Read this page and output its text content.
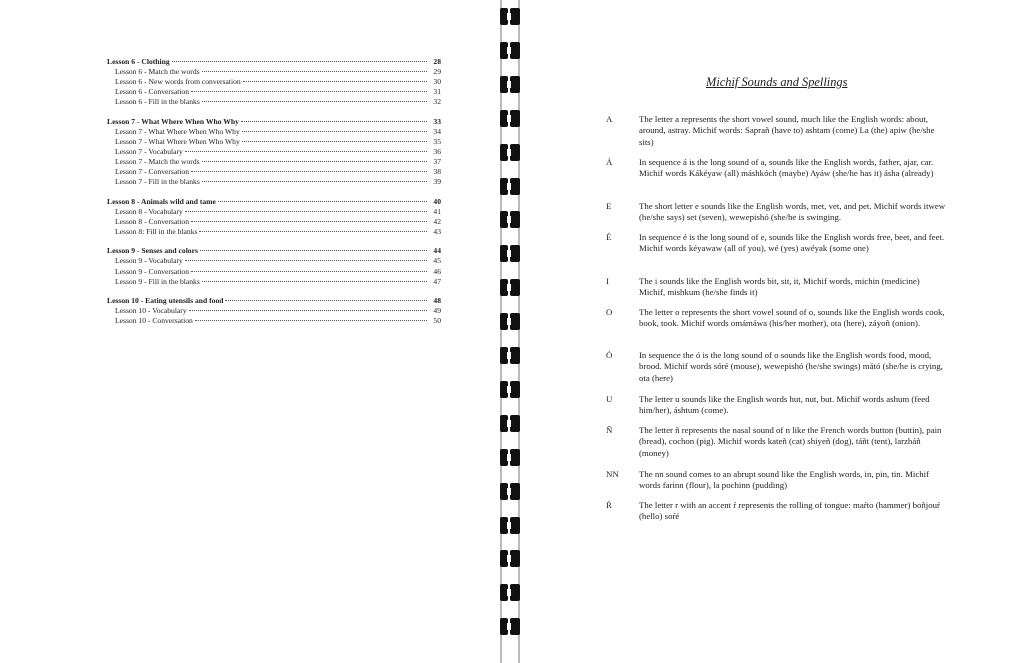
Lesson 6 - Clothing	28
Lesson 6 - Match the words	29
Lesson 6 - New words from conversation	30
Lesson 6 - Conversation	31
Lesson 6 - Fill in the blanks	32
Lesson 7 - What Where When Who Why	33
Lesson 7 - What Where When Who Why	34
Lesson 7 - What Where When Who Why	35
Lesson 7 - Vocabulary	36
Lesson 7 - Match the words	37
Lesson 7 - Conversation	38
Lesson 7 - Fill in the blanks	39
Lesson 8 - Animals wild and tame	40
Lesson 8 - Vocabulary	41
Lesson 8 - Conversation	42
Lesson 8: Fill in the blanks	43
Lesson 9 - Senses and colors	44
Lesson 9 - Vocabulary	45
Lesson 9 - Conversation	46
Lesson 9 - Fill in the blanks	47
Lesson 10 - Eating utensils and food	48
Lesson 10 - Vocabulary	49
Lesson 10 - Conversation	50
Michif Sounds and Spellings
A	The letter a represents the short vowel sound, much like the English words: about, around, astray. Michif words: Saprañ (have to) ashtam (come) La (the) apiw (he/she sits)
Á	In sequence á is the long sound of a, sounds like the English words, father, ajar, car. Michif words Kákéyaw (all) máshkóch (maybe) Ayáw (she/he has it) ásha (already)
E	The short letter e sounds like the English words, met, vet, and pet. Michif words itwew (he/she says) set (seven), wewepishó (she/he is swinging.
É	In sequence é is the long sound of e, sounds like the English words free, beet, and feet. Michif words kéyawaw (all of you), wé (yes) awéyak (some one)
I	The i sounds like the English words bit, sit, it, Michif words, michin (medicine) Michif, mishkum (he/she finds it)
O	The letter o represents the short vowel sound of o, sounds like the English words cook, book, took. Michif words omámáwa (his/her mother), ota (here), záyoñ (onion).
Ó	In sequence the ó is the long sound of o sounds like the English words food, mood, brood. Michif words sóré (mouse), wewepishó (he/she swings) mátó (she/he is crying, ota (here)
U	The letter u sounds like the English words hut, nut, but. Michif words ashum (feed him/her), áshtum (come).
Ñ	The letter ñ represents the nasal sound of n like the French words button (buttin), pain (bread), cochon (pig). Michif words kateñ (cat) shiyeñ (dog), táñt (tent), larzháñ (money)
NN	The nn sound comes to an abrupt sound like the English words, in, pin, tin. Michif words farinn (flour), la pochinn (pudding)
Ŕ	The letter r with an accent ŕ represents the rolling of tongue: maŕto (hammer) boñjouŕ (hello) soŕé
